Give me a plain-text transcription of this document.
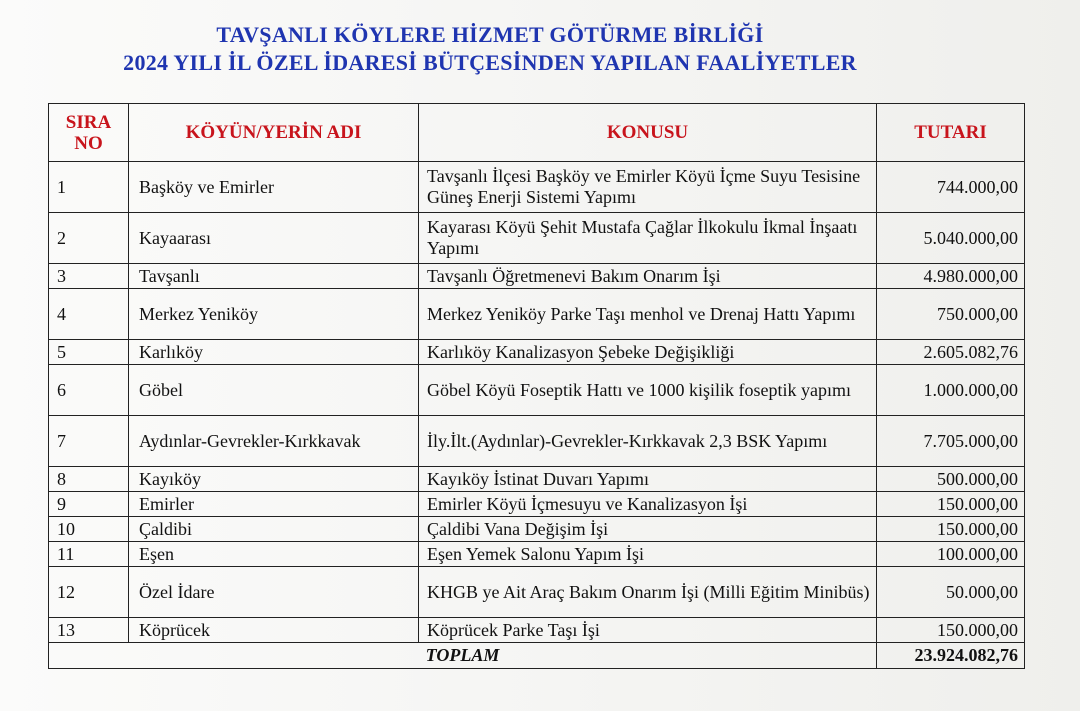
TAVŞANLI KÖYLERE HİZMET GÖTÜRME BİRLİĞİ
2024 YILI İL ÖZEL İDARESİ BÜTÇESİNDEN YAPILAN FAALİYETLER
SIRA NO	KÖYÜN/YERİN ADI	KONUSU	TUTARI
1	Başköy ve Emirler	Tavşanlı İlçesi Başköy ve Emirler Köyü İçme Suyu Tesisine Güneş Enerji Sistemi Yapımı	744.000,00
2	Kayaarası	Kayarası Köyü Şehit Mustafa Çağlar İlkokulu İkmal İnşaatı Yapımı	5.040.000,00
3	Tavşanlı	Tavşanlı Öğretmenevi Bakım Onarım İşi	4.980.000,00
4	Merkez Yeniköy	Merkez Yeniköy Parke Taşı menhol ve Drenaj Hattı Yapımı	750.000,00
5	Karlıköy	Karlıköy Kanalizasyon Şebeke Değişikliği	2.605.082,76
6	Göbel	Göbel Köyü Foseptik Hattı ve 1000 kişilik foseptik yapımı	1.000.000,00
7	Aydınlar-Gevrekler-Kırkkavak	İly.İlt.(Aydınlar)-Gevrekler-Kırkkavak 2,3 BSK Yapımı	7.705.000,00
8	Kayıköy	Kayıköy İstinat Duvarı Yapımı	500.000,00
9	Emirler	Emirler Köyü İçmesuyu ve Kanalizasyon İşi	150.000,00
10	Çaldibi	Çaldibi Vana Değişim İşi	150.000,00
11	Eşen	Eşen Yemek Salonu Yapım İşi	100.000,00
12	Özel İdare	KHGB ye Ait Araç Bakım Onarım İşi (Milli Eğitim Minibüs)	50.000,00
13	Köprücek	Köprücek Parke Taşı İşi	150.000,00
TOPLAM			23.924.082,76
